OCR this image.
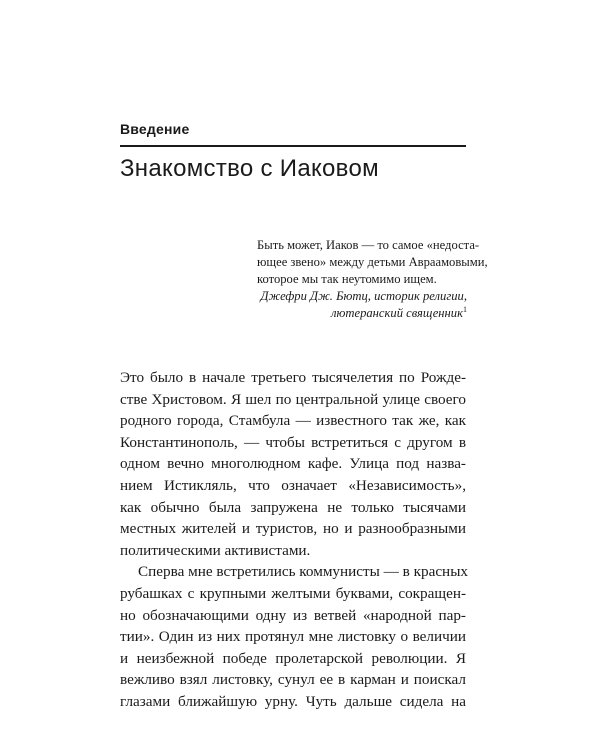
Введение
Знакомство с Иаковом
Быть может, Иаков — то самое «недоста-
ющее звено» между детьми Авраамовыми,
которое мы так неутомимо ищем.
Джефри Дж. Бютц, историк религии,
лютеранский священник$^1$
Это было в начале третьего тысячелетия по Рожде-
стве Христовом. Я шел по центральной улице своего
родного города, Стамбула — известного так же, как
Константинополь, — чтобы встретиться с другом в
одном вечно многолюдном кафе. Улица под назва-
нием Истикляль, что означает «Независимость»,
как обычно была запружена не только тысячами
местных жителей и туристов, но и разнообразными
политическими активистами.
Сперва мне встретились коммунисты — в красных
рубашках с крупными желтыми буквами, сокращен-
но обозначающими одну из ветвей «народной пар-
тии». Один из них протянул мне листовку о величии
и неизбежной победе пролетарской революции. Я
вежливо взял листовку, сунул ее в карман и поискал
глазами ближайшую урну. Чуть дальше сидела на
